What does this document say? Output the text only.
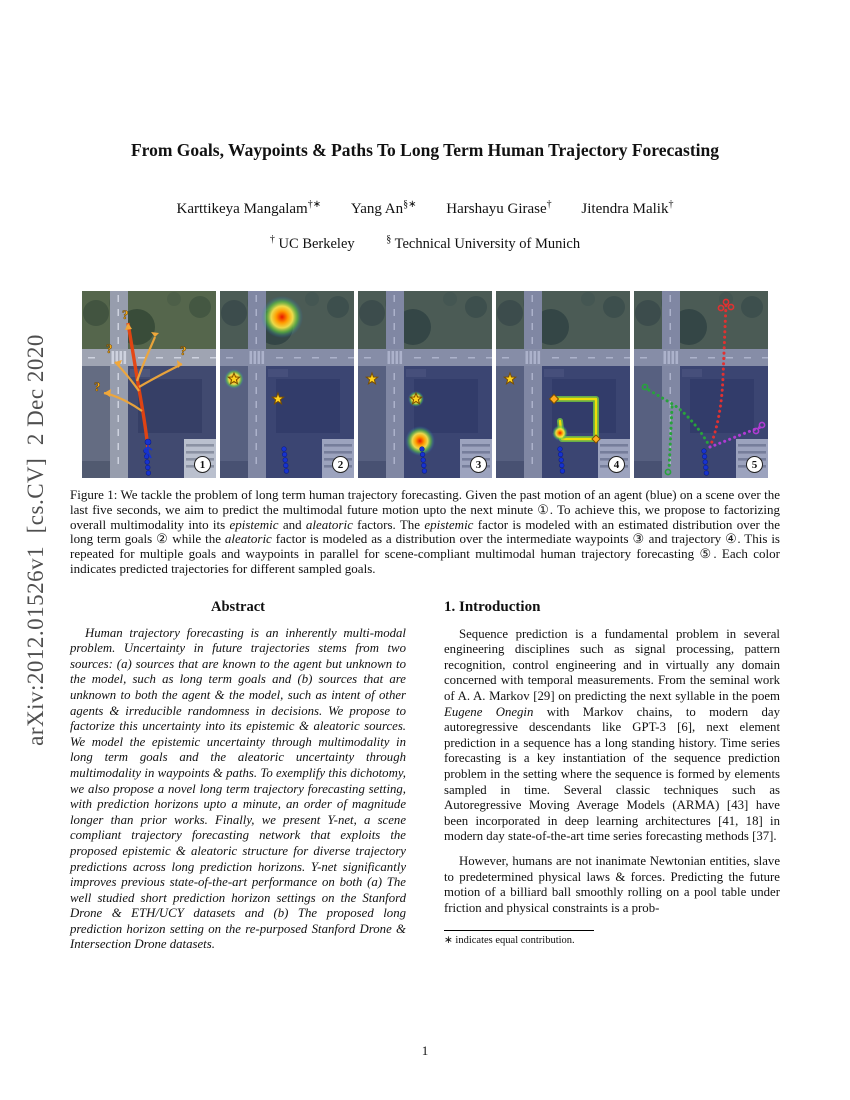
arXiv:2012.01526v1  [cs.CV]  2 Dec 2020
From Goals, Waypoints & Paths To Long Term Human Trajectory Forecasting
Karttikeya Mangalam†∗ Yang An§∗ Harshayu Girase† Jitendra Malik†
† UC Berkeley	§ Technical University of Munich
?
?
?
?
1	2	3	4	5
Figure 1: We tackle the problem of long term human trajectory forecasting. Given the past motion of an agent (blue) on a scene over the last five seconds, we aim to predict the multimodal future motion upto the next minute ①. To achieve this, we propose to factorizing overall multimodality into its epistemic and aleatoric factors. The epistemic factor is modeled with an estimated distribution over the long term goals ② while the aleatoric factor is modeled as a distribution over the intermediate waypoints ③ and trajectory ④. This is repeated for multiple goals and waypoints in parallel for scene-compliant multimodal human trajectory forecasting ⑤. Each color indicates predicted trajectories for different sampled goals.
Abstract
Human trajectory forecasting is an inherently multi-modal problem. Uncertainty in future trajectories stems from two sources: (a) sources that are known to the agent but unknown to the model, such as long term goals and (b) sources that are unknown to both the agent & the model, such as intent of other agents & irreducible randomness in decisions. We propose to factorize this uncertainty into its epistemic & aleatoric sources. We model the epistemic uncertainty through multimodality in long term goals and the aleatoric uncertainty through multimodality in waypoints & paths. To exemplify this dichotomy, we also propose a novel long term trajectory forecasting setting, with prediction horizons upto a minute, an order of magnitude longer than prior works. Finally, we present Y-net, a scene compliant trajectory forecasting network that exploits the proposed epistemic & aleatoric structure for diverse trajectory predictions across long prediction horizons. Y-net significantly improves previous state-of-the-art performance on both (a) The well studied short prediction horizon settings on the Stanford Drone & ETH/UCY datasets and (b) The proposed long prediction horizon setting on the re-purposed Stanford Drone & Intersection Drone datasets.
1. Introduction
Sequence prediction is a fundamental problem in several engineering disciplines such as signal processing, pattern recognition, control engineering and in virtually any domain concerned with temporal measurements. From the seminal work of A. A. Markov [29] on predicting the next syllable in the poem Eugene Onegin with Markov chains, to modern day autoregressive descendants like GPT-3 [6], next element prediction in a sequence has a long standing history. Time series forecasting is a key instantiation of the sequence prediction problem in the setting where the sequence is formed by elements sampled in time. Several classic techniques such as Autoregressive Moving Average Models (ARMA) [43] have been incorporated in deep learning architectures [41, 18] in modern day state-of-the-art time series forecasting methods [37].
However, humans are not inanimate Newtonian entities, slave to predetermined physical laws & forces. Predicting the future motion of a billiard ball smoothly rolling on a pool table under friction and physical constraints is a prob-
∗ indicates equal contribution.
1
